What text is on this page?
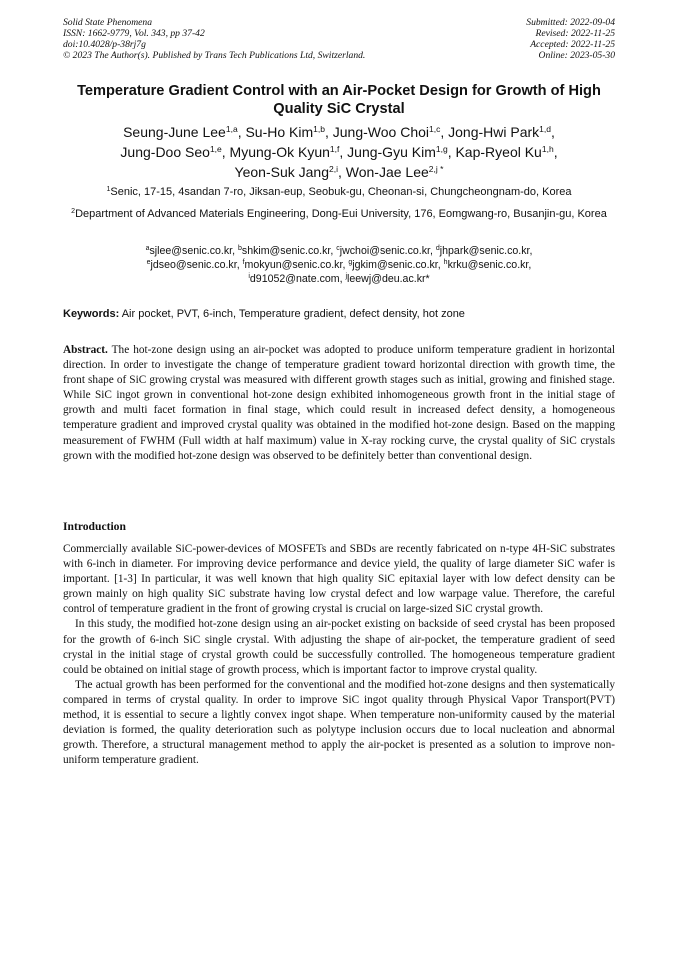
Solid State Phenomena
ISSN: 1662-9779, Vol. 343, pp 37-42
doi:10.4028/p-38rj7g
© 2023 The Author(s). Published by Trans Tech Publications Ltd, Switzerland.
Submitted: 2022-09-04
Revised: 2022-11-25
Accepted: 2022-11-25
Online: 2023-05-30
Temperature Gradient Control with an Air-Pocket Design for Growth of High Quality SiC Crystal
Seung-June Lee$^{1,a}$, Su-Ho Kim$^{1,b}$, Jung-Woo Choi$^{1,c}$, Jong-Hwi Park$^{1,d}$,
Jung-Doo Seo$^{1,e}$, Myung-Ok Kyun$^{1,f}$, Jung-Gyu Kim$^{1,g}$, Kap-Ryeol Ku$^{1,h}$,
Yeon-Suk Jang$^{2,i}$, Won-Jae Lee$^{2,j *}$
$^1$Senic, 17-15, 4sandan 7-ro, Jiksan-eup, Seobuk-gu, Cheonan-si, Chungcheongnam-do, Korea
$^2$Department of Advanced Materials Engineering, Dong-Eui University, 176, Eomgwang-ro, Busanjin-gu, Korea
$^a$sjlee@senic.co.kr, $^b$shkim@senic.co.kr, $^c$jwchoi@senic.co.kr, $^d$jhpark@senic.co.kr,
$^e$jdseo@senic.co.kr, $^f$mokyun@senic.co.kr, $^g$jgkim@senic.co.kr, $^h$krku@senic.co.kr,
$^i$d91052@nate.com, $^j$leewj@deu.ac.kr*
Keywords: Air pocket, PVT, 6-inch, Temperature gradient, defect density, hot zone
Abstract. The hot-zone design using an air-pocket was adopted to produce uniform temperature gradient in horizontal direction. In order to investigate the change of temperature gradient toward horizontal direction with growth time, the front shape of SiC growing crystal was measured with different growth stages such as initial, growing and finished stage. While SiC ingot grown in conventional hot-zone design exhibited inhomogeneous growth front in the initial stage of growth and multi facet formation in final stage, which could result in increased defect density, a homogeneous temperature gradient and improved crystal quality was obtained in the modified hot-zone design. Based on the mapping measurement of FWHM (Full width at half maximum) value in X-ray rocking curve, the crystal quality of SiC crystals grown with the modified hot-zone design was observed to be definitely better than conventional design.
Introduction

Commercially available SiC-power-devices of MOSFETs and SBDs are recently fabricated on n-type 4H-SiC substrates with 6-inch in diameter. For improving device performance and device yield, the quality of large diameter SiC wafer is important. [1-3] In particular, it was well known that high quality SiC epitaxial layer with low defect density can be grown mainly on high quality SiC substrate having low crystal defect and low warpage value. Therefore, the careful control of temperature gradient in the front of growing crystal is crucial on large-sized SiC crystal growth.

In this study, the modified hot-zone design using an air-pocket existing on backside of seed crystal has been proposed for the growth of 6-inch SiC single crystal. With adjusting the shape of air-pocket, the temperature gradient of seed crystal in the initial stage of crystal growth could be successfully controlled. The homogeneous temperature gradient could be obtained on initial stage of growth process, which is important factor to improve crystal quality.

The actual growth has been performed for the conventional and the modified hot-zone designs and then systematically compared in terms of crystal quality. In order to improve SiC ingot quality through Physical Vapor Transport(PVT) method, it is essential to secure a lightly convex ingot shape. When temperature non-uniformity caused by the material deviation is formed, the quality deterioration such as polytype inclusion occurs due to local nucleation and abnormal growth. Therefore, a structural management method to apply the air-pocket is presented as a solution to improve non-uniform temperature gradient.
